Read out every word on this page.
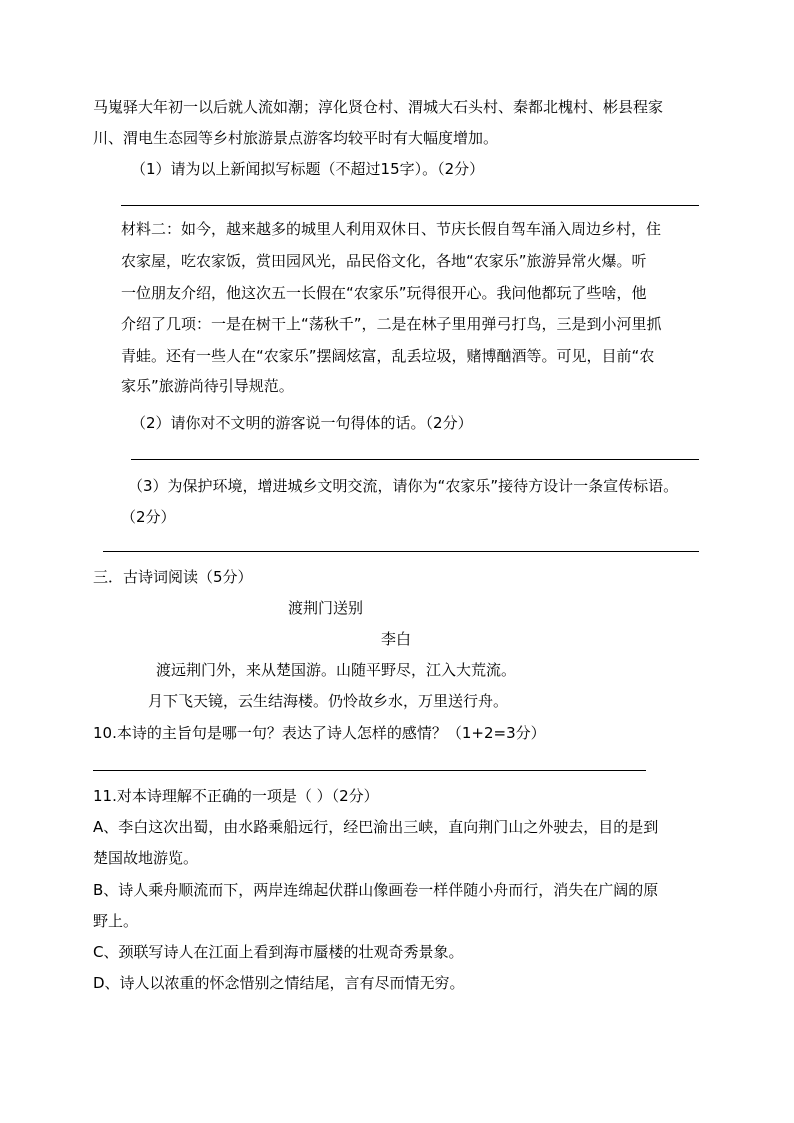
马嵬驿大年初一以后就人流如潮；淳化贤仓村、渭城大石头村、秦都北槐村、彬县程家
川、渭电生态园等乡村旅游景点游客均较平时有大幅度增加。
（1）请为以上新闻拟写标题（不超过15字）。（2分）
材料二：如今，越来越多的城里人利用双休日、节庆长假自驾车涌入周边乡村，住
农家屋，吃农家饭，赏田园风光，品民俗文化，各地“农家乐”旅游异常火爆。听
一位朋友介绍，他这次五一长假在“农家乐”玩得很开心。我问他都玩了些啥，他
介绍了几项：一是在树干上“荡秋千”，二是在林子里用弹弓打鸟，三是到小河里抓
青蛙。还有一些人在“农家乐”摆阔炫富，乱丢垃圾，赌博酗酒等。可见，目前“农
家乐”旅游尚待引导规范。
（2）请你对不文明的游客说一句得体的话。（2分）
（3）为保护环境，增进城乡文明交流，请你为“农家乐”接待方设计一条宣传标语。
（2分）
三．古诗词阅读（5分）
渡荆门送别
李白
渡远荆门外，来从楚国游。山随平野尽，江入大荒流。
月下飞天镜，云生结海楼。仍怜故乡水，万里送行舟。
10.本诗的主旨句是哪一句？表达了诗人怎样的感情？（1+2=3分）
11.对本诗理解不正确的一项是（ ）（2分）
A、李白这次出蜀，由水路乘船远行，经巴渝出三峡，直向荆门山之外驶去，目的是到
楚国故地游览。
B、诗人乘舟顺流而下，两岸连绵起伏群山像画卷一样伴随小舟而行，消失在广阔的原
野上。
C、颈联写诗人在江面上看到海市蜃楼的壮观奇秀景象。
D、诗人以浓重的怀念惜别之情结尾，言有尽而情无穷。
